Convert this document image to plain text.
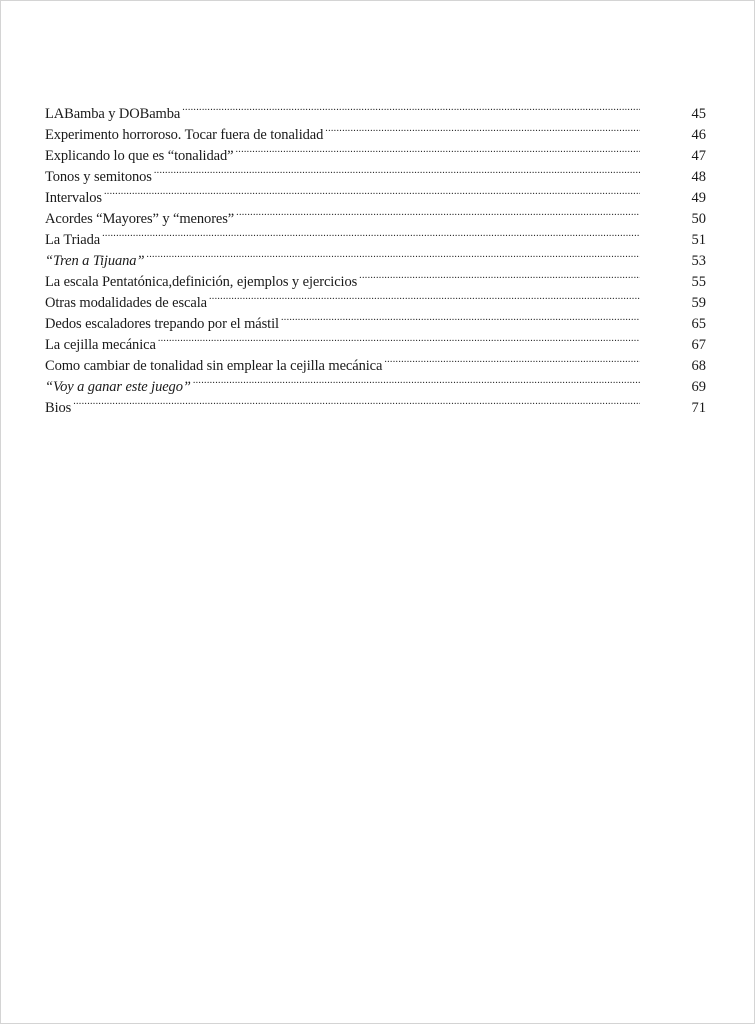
LABamba y DOBamba .....	45
Experimento horroroso. Tocar fuera de tonalidad .....	46
Explicando lo que es “tonalidad” .....	47
Tonos y semitonos .....	48
Intervalos .....	49
Acordes “Mayores” y “menores” .....	50
La Triada .....	51
“Tren a Tijuana” .....	53
La escala Pentatónica,definición, ejemplos y ejercicios .....	55
Otras modalidades de escala .....	59
Dedos escaladores trepando por el mástil .....	65
La cejilla mecánica .....	67
Como cambiar de tonalidad sin emplear la cejilla mecánica .....	68
“Voy a ganar este juego” .....	69
Bios .....	71
